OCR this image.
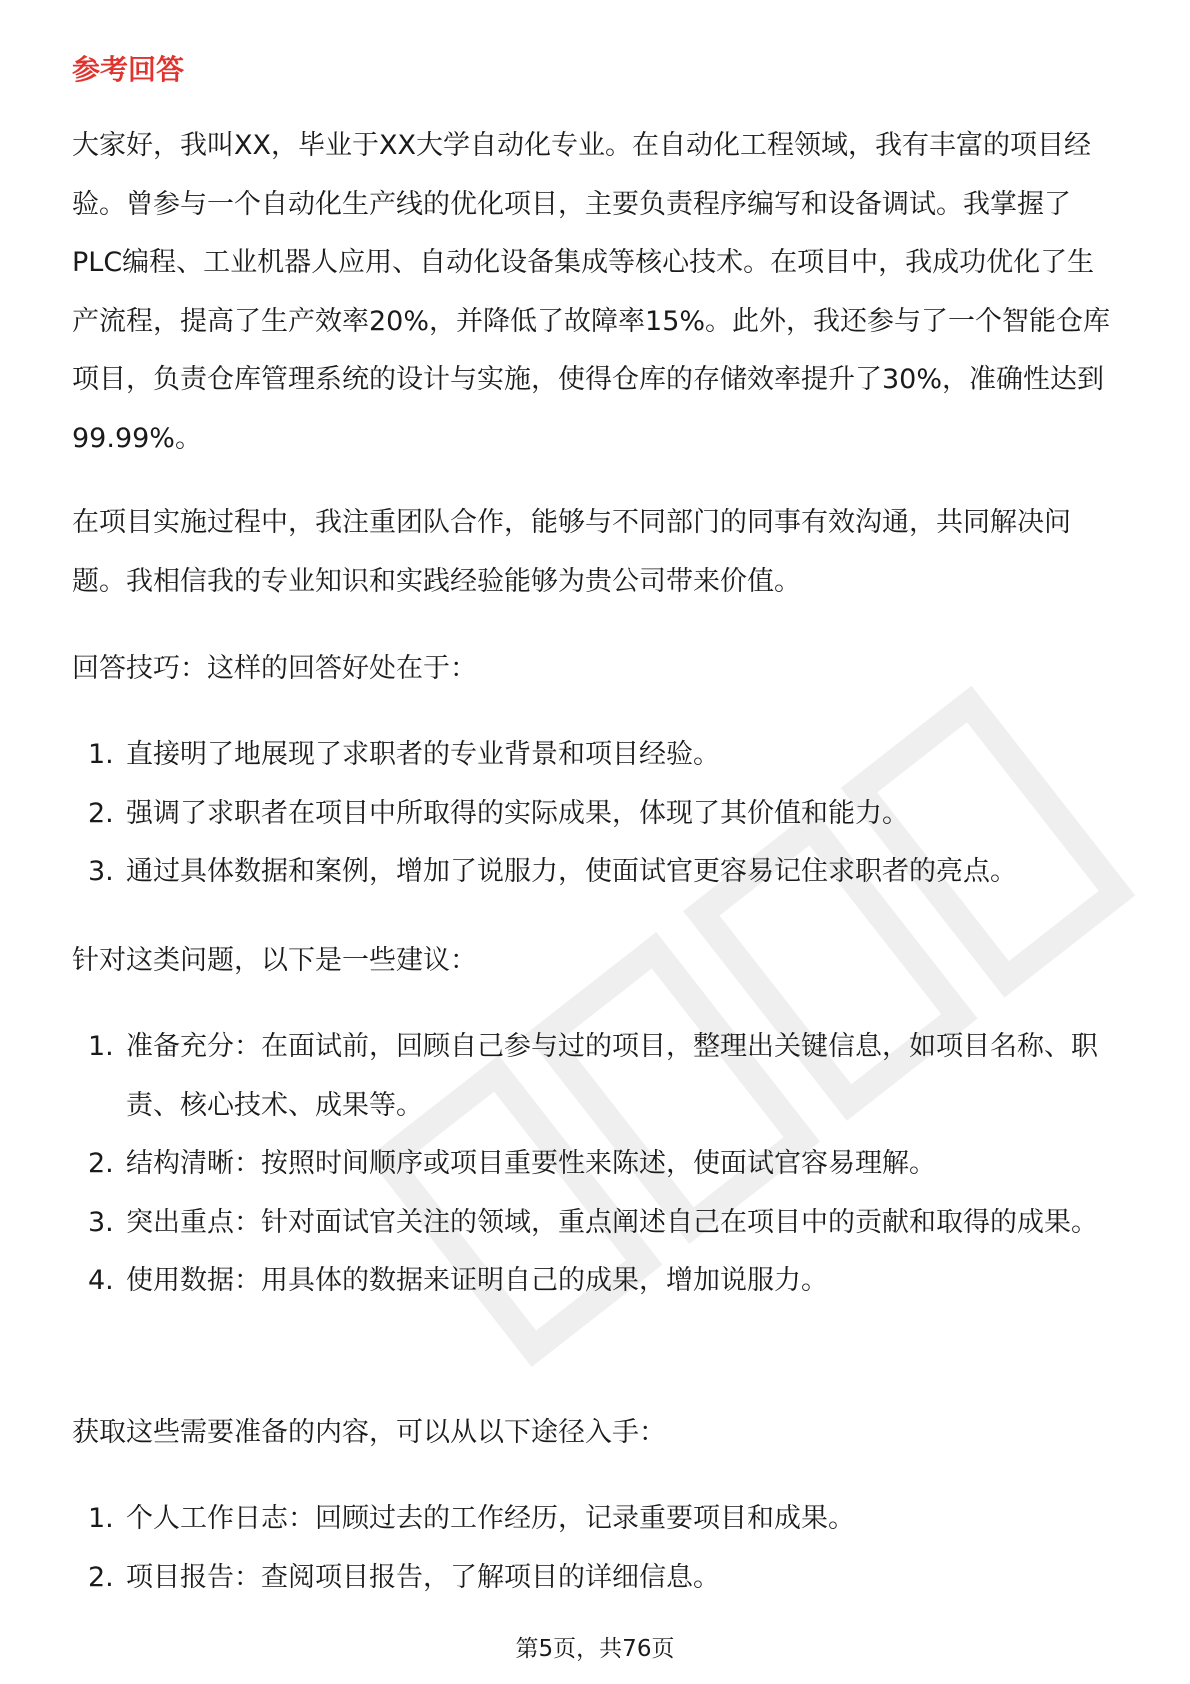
参考回答

大家好，我叫XX，毕业于XX大学自动化专业。在自动化工程领域，我有丰富的项目经验。曾参与一个自动化生产线的优化项目，主要负责程序编写和设备调试。我掌握了PLC编程、工业机器人应用、自动化设备集成等核心技术。在项目中，我成功优化了生产流程，提高了生产效率20%，并降低了故障率15%。此外，我还参与了一个智能仓库项目，负责仓库管理系统的设计与实施，使得仓库的存储效率提升了30%，准确性达到99.99%。

在项目实施过程中，我注重团队合作，能够与不同部门的同事有效沟通，共同解决问题。我相信我的专业知识和实践经验能够为贵公司带来价值。

回答技巧：这样的回答好处在于：

1. 直接明了地展现了求职者的专业背景和项目经验。
2. 强调了求职者在项目中所取得的实际成果，体现了其价值和能力。
3. 通过具体数据和案例，增加了说服力，使面试官更容易记住求职者的亮点。

针对这类问题，以下是一些建议：

1. 准备充分：在面试前，回顾自己参与过的项目，整理出关键信息，如项目名称、职责、核心技术、成果等。
2. 结构清晰：按照时间顺序或项目重要性来陈述，使面试官容易理解。
3. 突出重点：针对面试官关注的领域，重点阐述自己在项目中的贡献和取得的成果。
4. 使用数据：用具体的数据来证明自己的成果，增加说服力。

获取这些需要准备的内容，可以从以下途径入手：

1. 个人工作日志：回顾过去的工作经历，记录重要项目和成果。
2. 项目报告：查阅项目报告，了解项目的详细信息。
第5页，共76页
